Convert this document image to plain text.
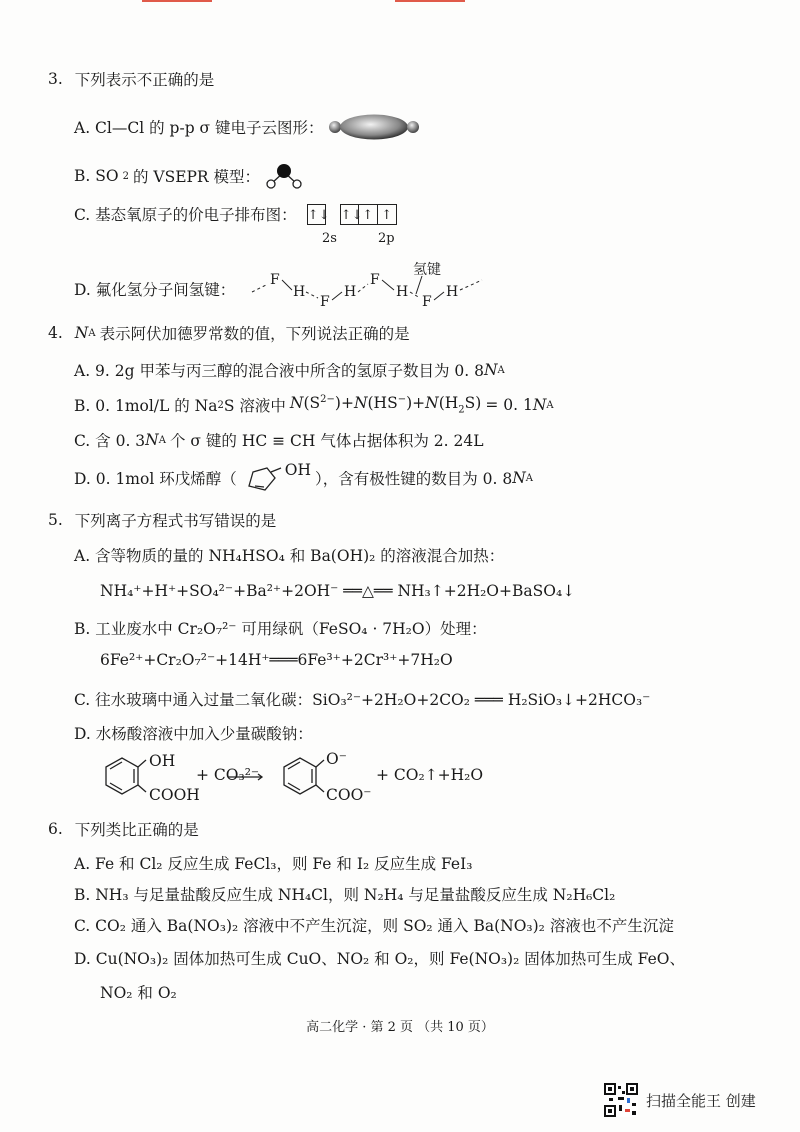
3. 下列表示不正确的是
A. Cl—Cl 的 p-p σ 键电子云图形：
B. SO 2 的 VSEPR 模型：
C. 基态氧原子的价电子排布图： ↑↓ ↑↓ ↑ ↑
2s	2p
D. 氟化氢分子间氢键：
F
H
F
H
F
H
F
H
氢键
4. N A 表示阿伏加德罗常数的值，下列说法正确的是
A. 9. 2g 甲苯与丙三醇的混合液中所含的氢原子数目为 0. 8 N A
B. 0. 1mol/L 的 Na 2 S 溶液中 $N(S^{2-})+N(HS^-)+N(H_2S) = 0$. 1 N A
C. 含 0. 3 N A 个 σ 键的 HC ≡ CH 气体占据体积为 2. 24L
D. 0. 1mol 环戊烯醇（	OH ），含有极性键的数目为 0. 8 N A
5. 下列离子方程式书写错误的是
A. 含等物质的量的 NH₄HSO₄ 和 Ba(OH)₂ 的溶液混合加热：
NH₄⁺+H⁺+SO₄²⁻+Ba²⁺+2OH⁻ ══△══ NH₃↑+2H₂O+BaSO₄↓
B. 工业废水中 Cr₂O₇²⁻ 可用绿矾（FeSO₄ · 7H₂O）处理：
6Fe²⁺+Cr₂O₇²⁻+14H⁺═══6Fe³⁺+2Cr³⁺+7H₂O
C. 往水玻璃中通入过量二氧化碳：SiO₃²⁻+2H₂O+2CO₂ ═══ H₂SiO₃↓+2HCO₃⁻
D. 水杨酸溶液中加入少量碳酸钠：
OH
COOH
+ CO₃²⁻
O⁻
COO⁻
+ CO₂↑+H₂O
6. 下列类比正确的是
A. Fe 和 Cl₂ 反应生成 FeCl₃，则 Fe 和 I₂ 反应生成 FeI₃
B. NH₃ 与足量盐酸反应生成 NH₄Cl，则 N₂H₄ 与足量盐酸反应生成 N₂H₆Cl₂
C. CO₂ 通入 Ba(NO₃)₂ 溶液中不产生沉淀，则 SO₂ 通入 Ba(NO₃)₂ 溶液也不产生沉淀
D. Cu(NO₃)₂ 固体加热可生成 CuO、NO₂ 和 O₂，则 Fe(NO₃)₂ 固体加热可生成 FeO、
NO₂ 和 O₂
高二化学 · 第 2 页 （共 10 页）
扫描全能王 创建
